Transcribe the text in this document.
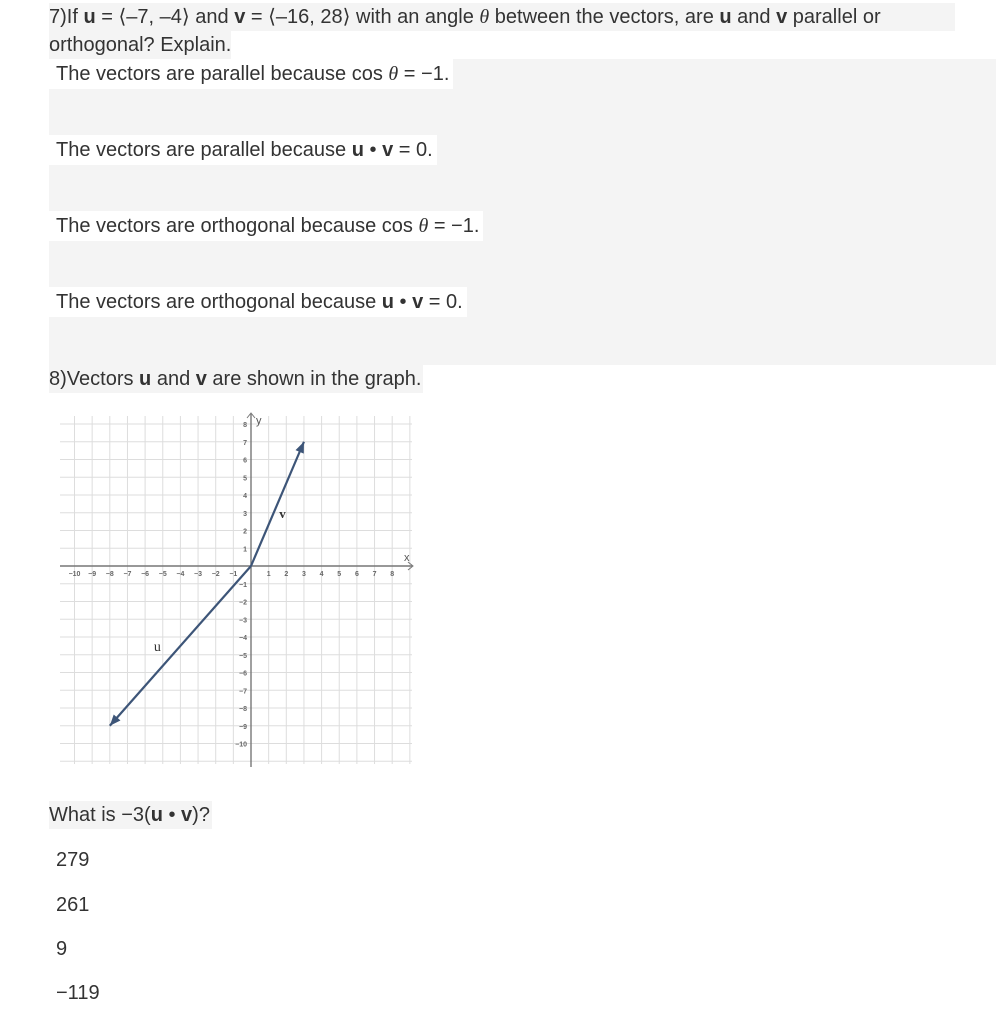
7)If u = ⟨–7, –4⟩ and v = ⟨–16, 28⟩ with an angle θ between the vectors, are u and v parallel or
orthogonal? Explain.
The vectors are parallel because cos θ = −1.
The vectors are parallel because u • v = 0.
The vectors are orthogonal because cos θ = −1.
The vectors are orthogonal because u • v = 0.
8)Vectors u and v are shown in the graph.
x
y
−10 −9 −8 −7 −6 −5 −4 −3 −2 −1	1 2 3 4 5 6 7 8
8
7
6
5
4
3
2
1
−1
−2
−3
−4
−5
−6
−7
−8
−9
−10
v
u
What is −3(u • v)?
279
261
9
−119
